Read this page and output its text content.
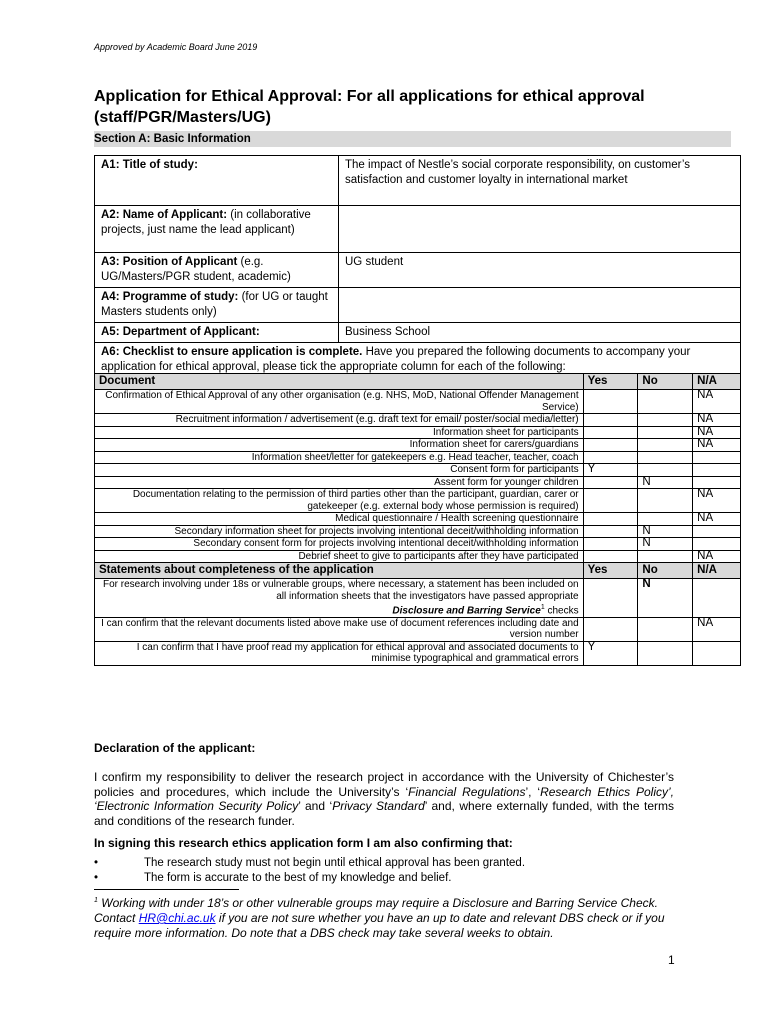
Approved by Academic Board June 2019
Application for Ethical Approval: For all applications for ethical approval (staff/PGR/Masters/UG)
Section A: Basic Information
A1: Title of study:	The impact of Nestle’s social corporate responsibility, on customer’s satisfaction and customer loyalty in international market
A2: Name of Applicant: (in collaborative projects, just name the lead applicant)	
A3: Position of Applicant (e.g. UG/Masters/PGR student, academic)	UG student
A4: Programme of study: (for UG or taught Masters students only)	
A5: Department of Applicant:	Business School
A6: Checklist to ensure application is complete. Have you prepared the following documents to accompany your application for ethical approval, please tick the appropriate column for each of the following:	
Document	Yes	No	N/A
Confirmation of Ethical Approval of any other organisation (e.g. NHS, MoD, National Offender Management Service)			NA
Recruitment information / advertisement (e.g. draft text for email/ poster/social media/letter)			NA
Information sheet for participants			NA
Information sheet for carers/guardians			NA
Information sheet/letter for gatekeepers e.g. Head teacher, teacher, coach			
Consent form for participants	Y		
Assent form for younger children		N	
Documentation relating to the permission of third parties other than the participant, guardian, carer or gatekeeper (e.g. external body whose permission is required)			NA
Medical questionnaire / Health screening questionnaire			NA
Secondary information sheet for projects involving intentional deceit/withholding information		N	
Secondary consent form for projects involving intentional deceit/withholding information		N	
Debrief sheet to give to participants after they have participated			NA
Statements about completeness of the application	Yes	No	N/A
For research involving under 18s or vulnerable groups, where necessary, a statement has been included on all information sheets that the investigators have passed appropriate
Disclosure and Barring Service$^1$ checks		N	
I can confirm that the relevant documents listed above make use of document references including date and version number			NA
I can confirm that I have proof read my application for ethical approval and associated documents to minimise typographical and grammatical errors	Y		
Declaration of the applicant:
I confirm my responsibility to deliver the research project in accordance with the University of Chichester’s policies and procedures, which include the University’s ‘Financial Regulations’, ‘Research Ethics Policy’, ‘Electronic Information Security Policy’ and ‘Privacy Standard’ and, where externally funded, with the terms and conditions of the research funder.
In signing this research ethics application form I am also confirming that:
•	The research study must not begin until ethical approval has been granted.
•	The form is accurate to the best of my knowledge and belief.
$^1$ Working with under 18’s or other vulnerable groups may require a Disclosure and Barring Service Check. Contact HR@chi.ac.uk if you are not sure whether you have an up to date and relevant DBS check or if you require more information. Do note that a DBS check may take several weeks to obtain.
1
